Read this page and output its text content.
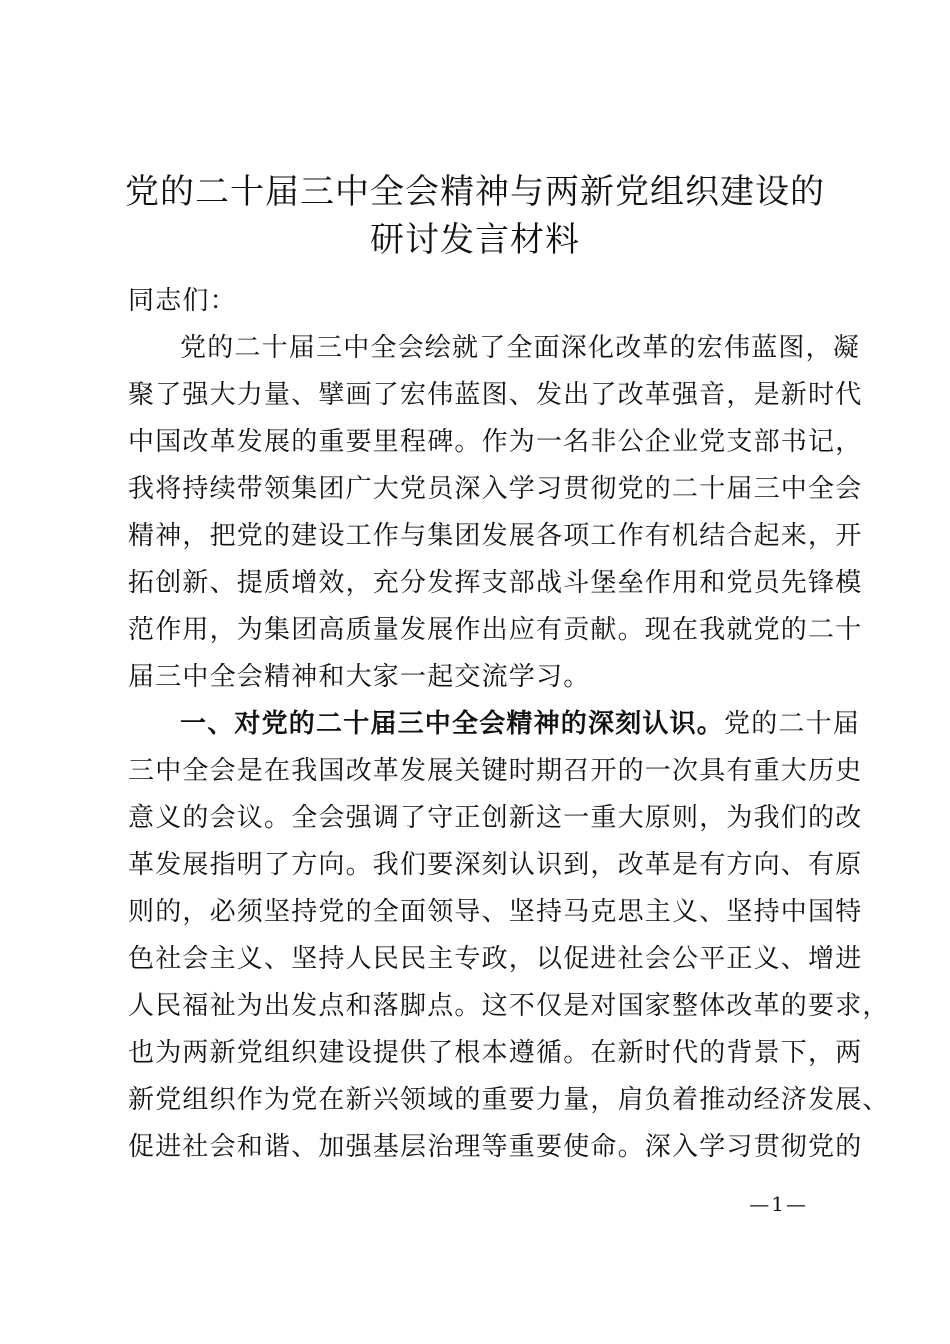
党的二十届三中全会精神与两新党组织建设的
研讨发言材料
同志们：
党的二十届三中全会绘就了全面深化改革的宏伟蓝图，凝
聚了强大力量、擘画了宏伟蓝图、发出了改革强音，是新时代
中国改革发展的重要里程碑。作为一名非公企业党支部书记，
我将持续带领集团广大党员深入学习贯彻党的二十届三中全会
精神，把党的建设工作与集团发展各项工作有机结合起来，开
拓创新、提质增效，充分发挥支部战斗堡垒作用和党员先锋模
范作用，为集团高质量发展作出应有贡献。现在我就党的二十
届三中全会精神和大家一起交流学习。
一、对党的二十届三中全会精神的深刻认识。党的二十届
三中全会是在我国改革发展关键时期召开的一次具有重大历史
意义的会议。全会强调了守正创新这一重大原则，为我们的改
革发展指明了方向。我们要深刻认识到，改革是有方向、有原
则的，必须坚持党的全面领导、坚持马克思主义、坚持中国特
色社会主义、坚持人民民主专政，以促进社会公平正义、增进
人民福祉为出发点和落脚点。这不仅是对国家整体改革的要求，
也为两新党组织建设提供了根本遵循。在新时代的背景下，两
新党组织作为党在新兴领域的重要力量，肩负着推动经济发展、
促进社会和谐、加强基层治理等重要使命。深入学习贯彻党的
—1—
